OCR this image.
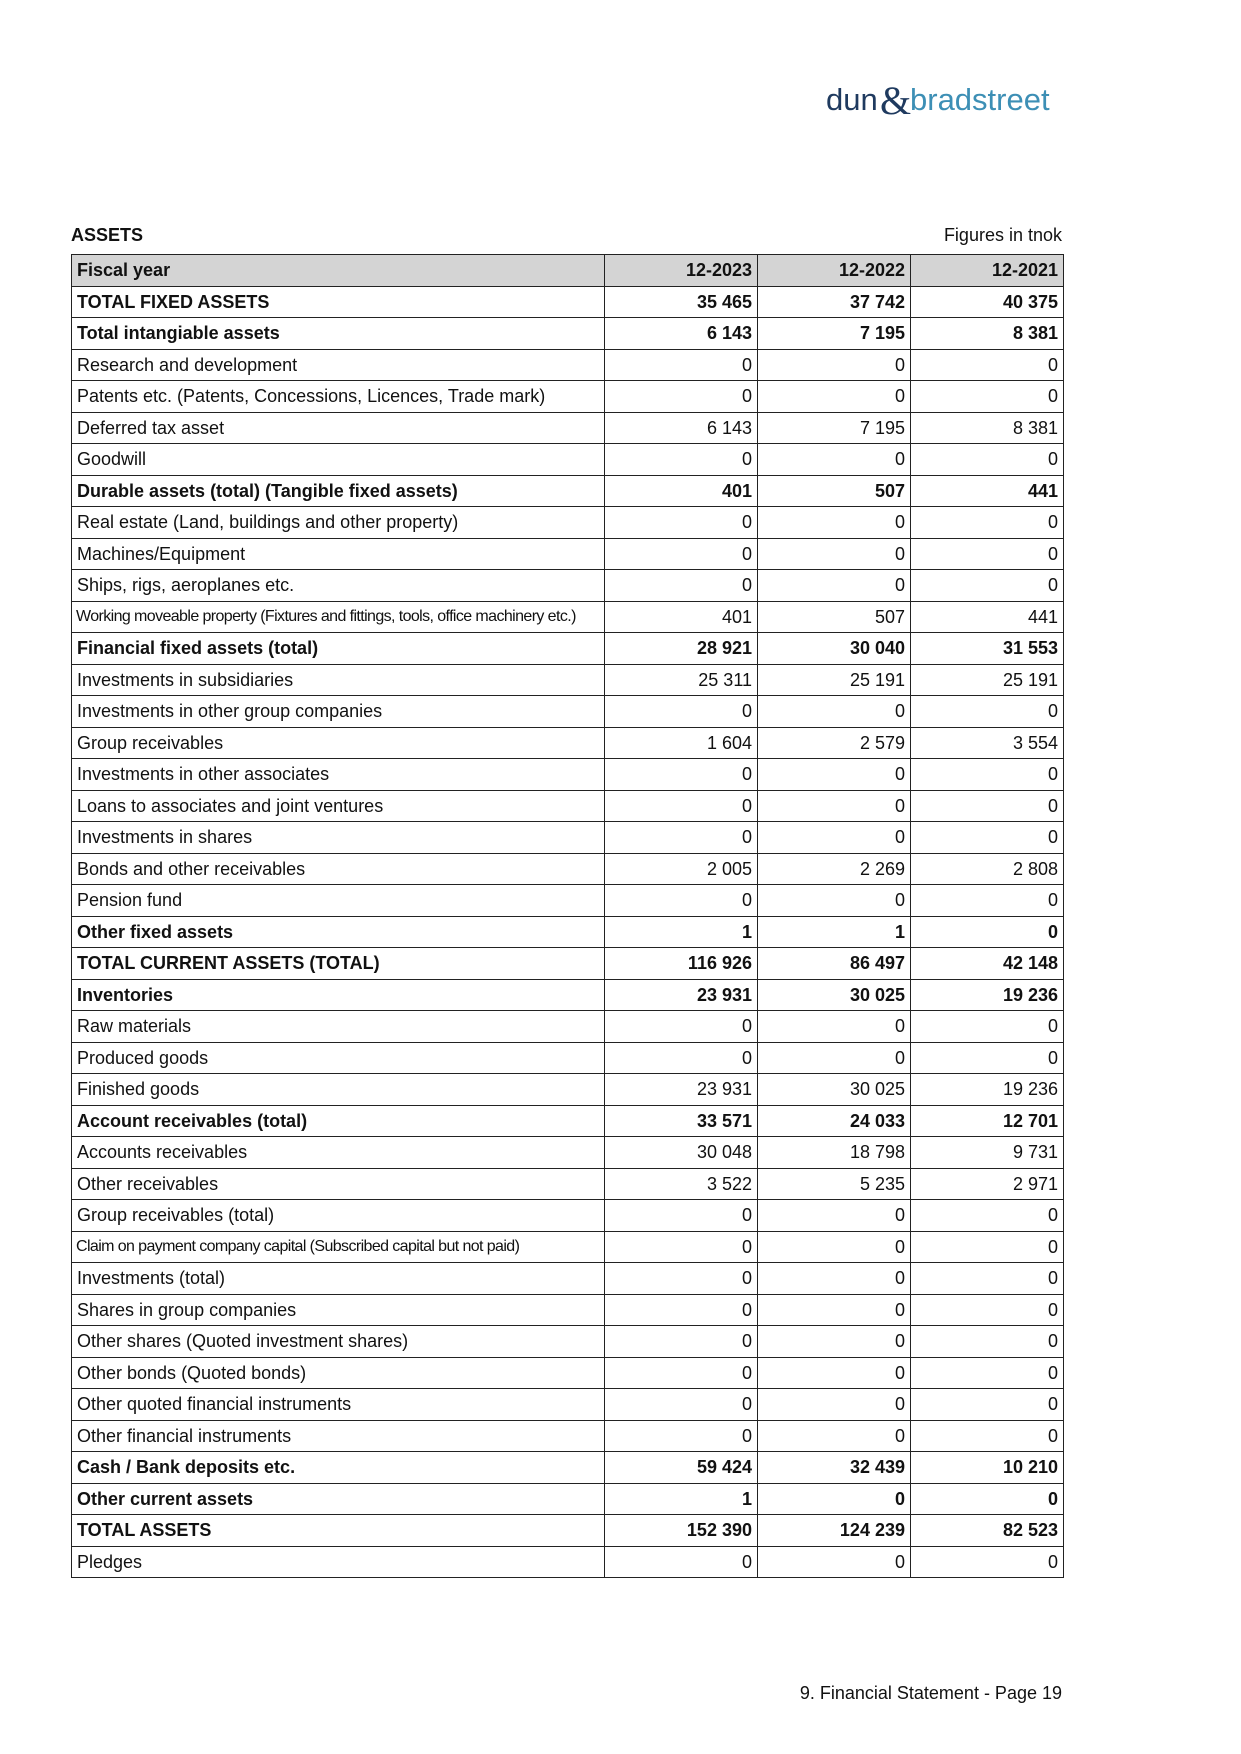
dun &
bradstreet
ASSETS	Figures in tnok
Fiscal year	12-2023	12-2022	12-2021
TOTAL FIXED ASSETS	35 465	37 742	40 375
Total intangiable assets	6 143	7 195	8 381
Research and development	0	0	0
Patents etc. (Patents, Concessions, Licences, Trade mark)	0	0	0
Deferred tax asset	6 143	7 195	8 381
Goodwill	0	0	0
Durable assets (total) (Tangible fixed assets)	401	507	441
Real estate (Land, buildings and other property)	0	0	0
Machines/Equipment	0	0	0
Ships, rigs, aeroplanes etc.	0	0	0
Working moveable property (Fixtures and fittings, tools, office machinery etc.)	401	507	441
Financial fixed assets (total)	28 921	30 040	31 553
Investments in subsidiaries	25 311	25 191	25 191
Investments in other group companies	0	0	0
Group receivables	1 604	2 579	3 554
Investments in other associates	0	0	0
Loans to associates and joint ventures	0	0	0
Investments in shares	0	0	0
Bonds and other receivables	2 005	2 269	2 808
Pension fund	0	0	0
Other fixed assets	1	1	0
TOTAL CURRENT ASSETS (TOTAL)	116 926	86 497	42 148
Inventories	23 931	30 025	19 236
Raw materials	0	0	0
Produced goods	0	0	0
Finished goods	23 931	30 025	19 236
Account receivables (total)	33 571	24 033	12 701
Accounts receivables	30 048	18 798	9 731
Other receivables	3 522	5 235	2 971
Group receivables (total)	0	0	0
Claim on payment company capital (Subscribed capital but not paid)	0	0	0
Investments (total)	0	0	0
Shares in group companies	0	0	0
Other shares (Quoted investment shares)	0	0	0
Other bonds (Quoted bonds)	0	0	0
Other quoted financial instruments	0	0	0
Other financial instruments	0	0	0
Cash / Bank deposits etc.	59 424	32 439	10 210
Other current assets	1	0	0
TOTAL ASSETS	152 390	124 239	82 523
Pledges	0	0	0
9. Financial Statement - Page 19
